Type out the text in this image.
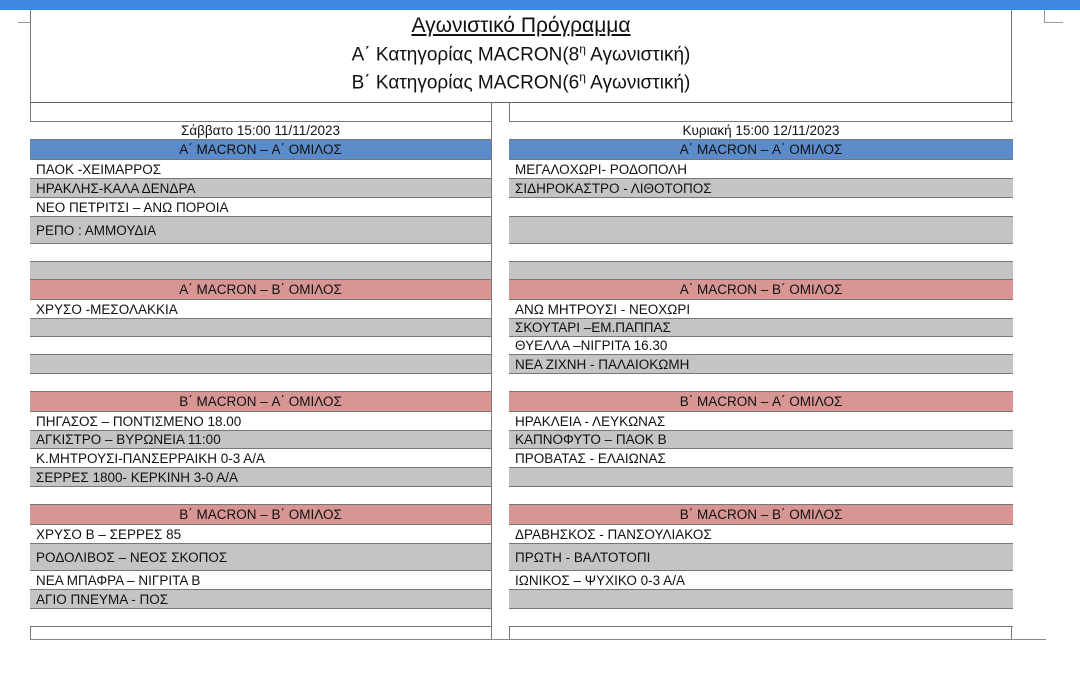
Αγωνιστικό Πρόγραμμα
Α΄ Κατηγορίας $MACRON(8^\eta$ Αγωνιστική)
Β΄ Κατηγορίας $MACRON(6^\eta$ Αγωνιστική)
Σάββατο 15:00 11/11/2023
Α΄ MACRON – Α΄ ΟΜΙΛΟΣ
ΠΑΟΚ -ΧΕΙΜΑΡΡΟΣ
ΗΡΑΚΛΗΣ-ΚΑΛΑ ΔΕΝΔΡΑ
ΝΕΟ ΠΕΤΡΙΤΣΙ – ΑΝΩ ΠΟΡΟΙΑ
ΡΕΠΟ : ΑΜΜΟΥΔΙΑ
Α΄ MACRON – Β΄ ΟΜΙΛΟΣ
ΧΡΥΣΟ -ΜΕΣΟΛΑΚΚΙΑ
Β΄ MACRON – Α΄ ΟΜΙΛΟΣ
ΠΗΓΑΣΟΣ – ΠΟΝΤΙΣΜΕΝΟ 18.00
ΑΓΚΙΣΤΡΟ – ΒΥΡΩΝΕΙΑ 11:00
Κ.ΜΗΤΡΟΥΣΙ-ΠΑΝΣΕΡΡΑΙΚΗ 0-3 Α/Α
ΣΕΡΡΕΣ 1800- ΚΕΡΚΙΝΗ 3-0 Α/Α
Β΄ MACRON – Β΄ ΟΜΙΛΟΣ
ΧΡΥΣΟ Β – ΣΕΡΡΕΣ 85
ΡΟΔΟΛΙΒΟΣ – ΝΕΟΣ ΣΚΟΠΟΣ
ΝΕΑ ΜΠΑΦΡΑ – ΝΙΓΡΙΤΑ Β
ΑΓΙΟ ΠΝΕΥΜΑ - ΠΟΣ
Κυριακή 15:00 12/11/2023
Α΄ MACRON – Α΄ ΟΜΙΛΟΣ
ΜΕΓΑΛΟΧΩΡΙ- ΡΟΔΟΠΟΛΗ
ΣΙΔΗΡΟΚΑΣΤΡΟ - ΛΙΘΟΤΟΠΟΣ
Α΄ MACRON – Β΄ ΟΜΙΛΟΣ
ΑΝΩ ΜΗΤΡΟΥΣΙ - ΝΕΟΧΩΡΙ
ΣΚΟΥΤΑΡΙ –ΕΜ.ΠΑΠΠΑΣ
ΘΥΕΛΛΑ –ΝΙΓΡΙΤΑ 16.30
ΝΕΑ ΖΙΧΝΗ - ΠΑΛΑΙΟΚΩΜΗ
Β΄ MACRON – Α΄ ΟΜΙΛΟΣ
ΗΡΑΚΛΕΙΑ - ΛΕΥΚΩΝΑΣ
ΚΑΠΝΟΦΥΤΟ – ΠΑΟΚ Β
ΠΡΟΒΑΤΑΣ - ΕΛΑΙΩΝΑΣ
Β΄ MACRON – Β΄ ΟΜΙΛΟΣ
ΔΡΑΒΗΣΚΟΣ - ΠΑΝΣΟΥΛΙΑΚΟΣ
ΠΡΩΤΗ - ΒΑΛΤΟΤΟΠΙ
ΙΩΝΙΚΟΣ – ΨΥΧΙΚΟ 0-3 Α/Α
